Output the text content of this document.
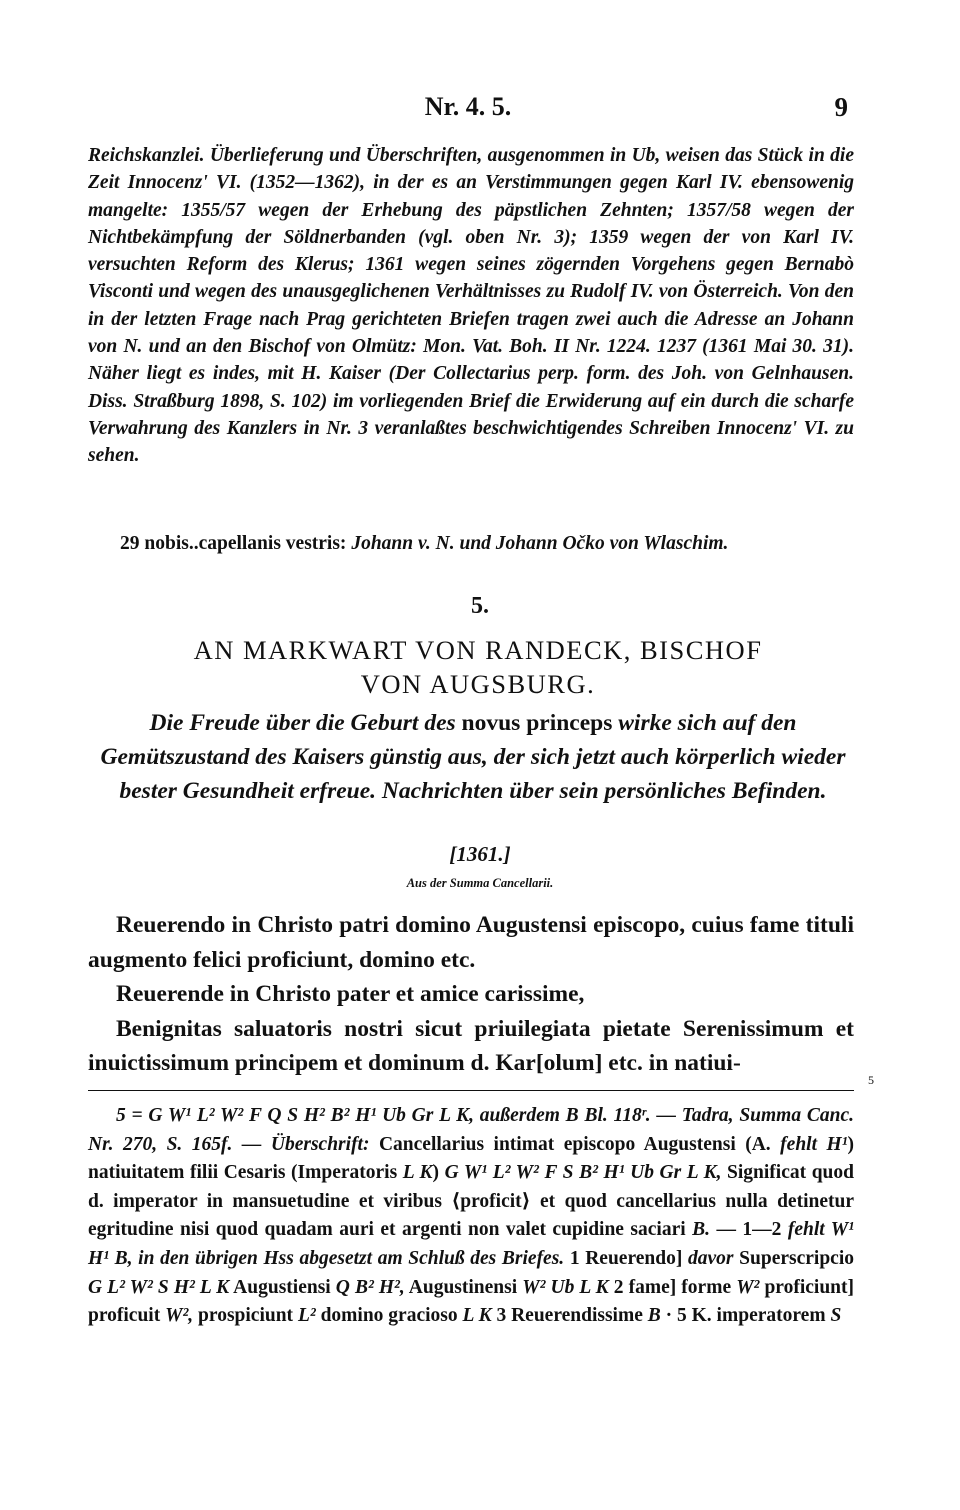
Nr. 4. 5.	9

Reichskanzlei. Überlieferung und Überschriften, ausgenommen in Ub, weisen das Stück in die Zeit Innocenz' VI. (1352—1362), in der es an Verstimmungen gegen Karl IV. ebensowenig mangelte: 1355/57 wegen der Erhebung des päpstlichen Zehnten; 1357/58 wegen der Nichtbekämpfung der Söldnerbanden (vgl. oben Nr. 3); 1359 wegen der von Karl IV. versuchten Reform des Klerus; 1361 wegen seines zögernden Vorgehens gegen Bernabò Visconti und wegen des unausgeglichenen Verhältnisses zu Rudolf IV. von Österreich. Von den in der letzten Frage nach Prag gerichteten Briefen tragen zwei auch die Adresse an Johann von N. und an den Bischof von Olmütz: Mon. Vat. Boh. II Nr. 1224. 1237 (1361 Mai 30. 31). Näher liegt es indes, mit H. Kaiser (Der Collectarius perp. form. des Joh. von Gelnhausen. Diss. Straßburg 1898, S. 102) im vorliegenden Brief die Erwiderung auf ein durch die scharfe Verwahrung des Kanzlers in Nr. 3 veranlaßtes beschwichtigendes Schreiben Innocenz' VI. zu sehen.

29 nobis..capellanis vestris: Johann v. N. und Johann Očko von Wlaschim.
5.
AN MARKWART VON RANDECK, BISCHOF
VON AUGSBURG.

Die Freude über die Geburt des novus princeps wirke sich auf den Gemütszustand des Kaisers günstig aus, der sich jetzt auch körperlich wieder bester Gesundheit erfreue. Nachrichten über sein persönliches Befinden.

[1361.]
Aus der Summa Cancellarii.

Reuerendo in Christo patri domino Augustensi episcopo, cuius fame tituli augmento felici proficiunt, domino etc.

Reuerende in Christo pater et amice carissime,

Benignitas saluatoris nostri sicut priuilegiata pietate Serenissimum et inuictissimum principem et dominum d. Kar[olum] etc. in natiui-

5

5 = G W¹ L² W² F Q S H² B² H¹ Ub Gr L K, außerdem B Bl. 118ʳ. — Tadra, Summa Canc. Nr. 270, S. 165f. — Überschrift: Cancellarius intimat episcopo Augustensi (A. fehlt H¹) natiuitatem filii Cesaris (Imperatoris L K) G W¹ L² W² F S B² H¹ Ub Gr L K, Significat quod d. imperator in mansuetudine et viribus ⟨proficit⟩ et quod cancellarius nulla detinetur egritudine nisi quod quadam auri et argenti non valet cupidine saciari B. — 1—2 fehlt W¹ H¹ B, in den übrigen Hss abgesetzt am Schluß des Briefes. 1 Reuerendo] davor Superscripcio G L² W² S H² L K Augustiensi Q B² H², Augustinensi W² Ub L K 2 fame] forme W² proficiunt] proficuit W², prospiciunt L² domino gracioso L K 3 Reuerendissime B · 5 K. imperatorem S
